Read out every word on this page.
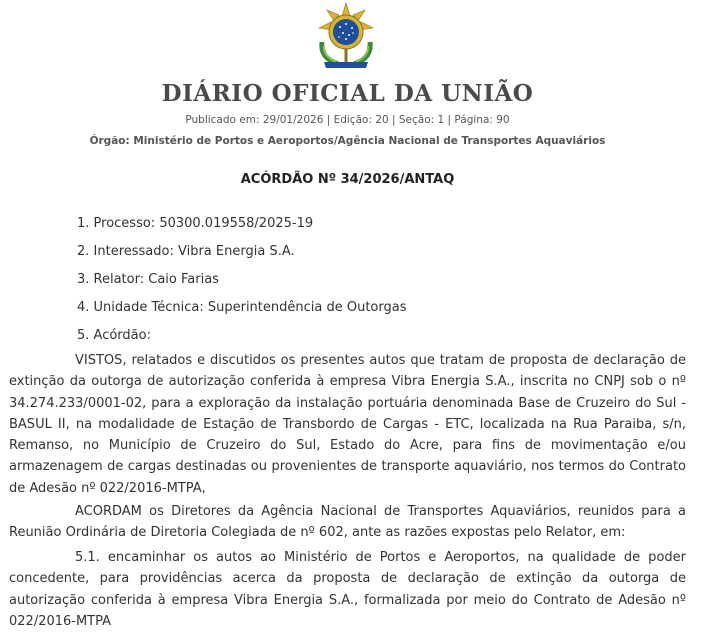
DIÁRIO OFICIAL DA UNIÃO

Publicado em: 29/01/2026 | Edição: 20 | Seção: 1 | Página: 90

Órgão: Ministério de Portos e Aeroportos/Agência Nacional de Transportes Aquaviários

ACÓRDÃO Nº 34/2026/ANTAQ

1. Processo: 50300.019558/2025-19

2. Interessado: Vibra Energia S.A.

3. Relator: Caio Farias

4. Unidade Técnica: Superintendência de Outorgas

5. Acórdão:

VISTOS, relatados e discutidos os presentes autos que tratam de proposta de declaração de extinção da outorga de autorização conferida à empresa Vibra Energia S.A., inscrita no CNPJ sob o nº 34.274.233/0001-02, para a exploração da instalação portuária denominada Base de Cruzeiro do Sul - BASUL II, na modalidade de Estação de Transbordo de Cargas - ETC, localizada na Rua Paraiba, s/n, Remanso, no Município de Cruzeiro do Sul, Estado do Acre, para fins de movimentação e/ou armazenagem de cargas destinadas ou provenientes de transporte aquaviário, nos termos do Contrato de Adesão nº 022/2016-MTPA,

ACORDAM os Diretores da Agência Nacional de Transportes Aquaviários, reunidos para a Reunião Ordinária de Diretoria Colegiada de nº 602, ante as razões expostas pelo Relator, em:

5.1. encaminhar os autos ao Ministério de Portos e Aeroportos, na qualidade de poder concedente, para providências acerca da proposta de declaração de extinção da outorga de autorização conferida à empresa Vibra Energia S.A., formalizada por meio do Contrato de Adesão nº 022/2016-MTPA
